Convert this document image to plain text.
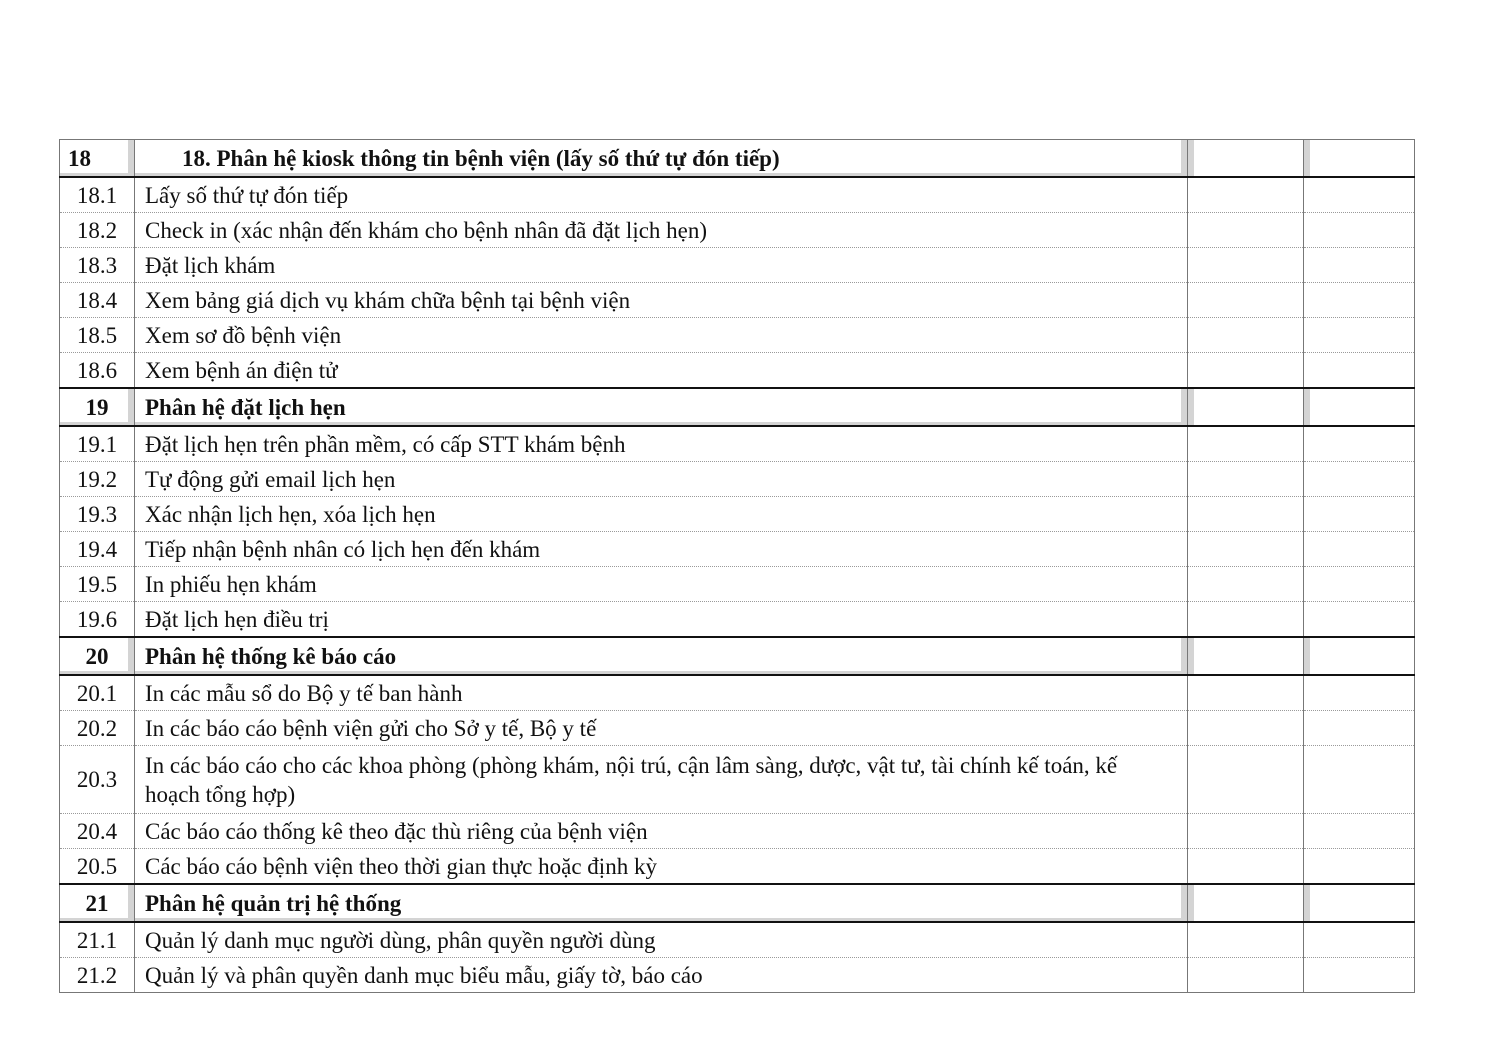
18	18. Phân hệ kiosk thông tin bệnh viện (lấy số thứ tự đón tiếp)		
18.1	Lấy số thứ tự đón tiếp		
18.2	Check in (xác nhận đến khám cho bệnh nhân đã đặt lịch hẹn)		
18.3	Đặt lịch khám		
18.4	Xem bảng giá dịch vụ khám chữa bệnh tại bệnh viện		
18.5	Xem sơ đồ bệnh viện		
18.6	Xem bệnh án điện tử		
19	Phân hệ đặt lịch hẹn		
19.1	Đặt lịch hẹn trên phần mềm, có cấp STT khám bệnh		
19.2	Tự động gửi email lịch hẹn		
19.3	Xác nhận lịch hẹn, xóa lịch hẹn		
19.4	Tiếp nhận bệnh nhân có lịch hẹn đến khám		
19.5	In phiếu hẹn khám		
19.6	Đặt lịch hẹn điều trị		
20	Phân hệ thống kê báo cáo		
20.1	In các mẫu sổ do Bộ y tế ban hành		
20.2	In các báo cáo bệnh viện gửi cho Sở y tế, Bộ y tế		
20.3	In các báo cáo cho các khoa phòng (phòng khám, nội trú, cận lâm sàng, dược, vật tư, tài chính kế toán, kế hoạch tổng hợp)		
20.4	Các báo cáo thống kê theo đặc thù riêng của bệnh viện		
20.5	Các báo cáo bệnh viện theo thời gian thực hoặc định kỳ		
21	Phân hệ quản trị hệ thống		
21.1	Quản lý danh mục người dùng, phân quyền người dùng		
21.2	Quản lý và phân quyền danh mục biểu mẫu, giấy tờ, báo cáo		
